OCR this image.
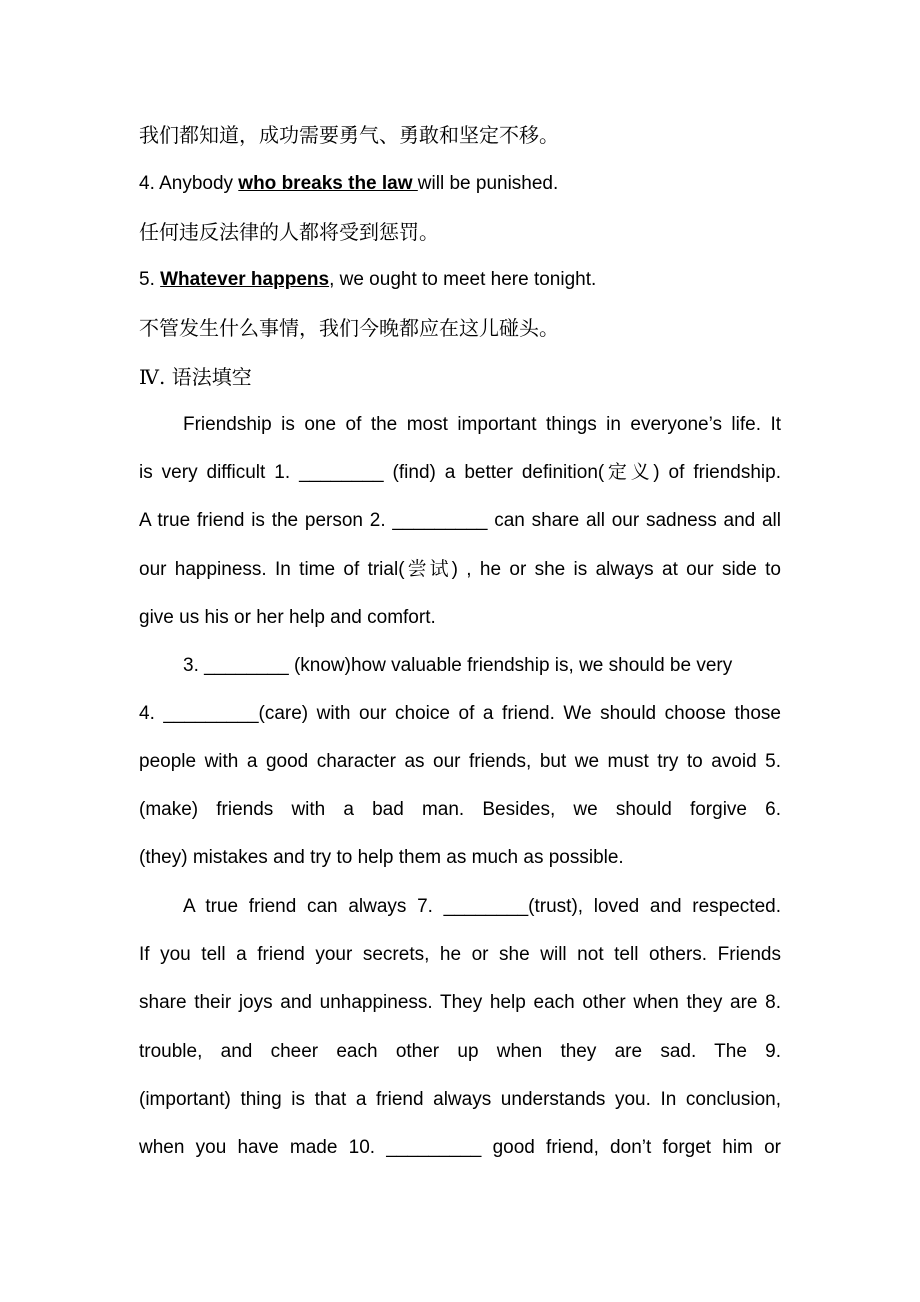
我们都知道，成功需要勇气、勇敢和坚定不移。
4. Anybody who breaks the law will be punished.
任何违反法律的人都将受到惩罚。
5. Whatever happens, we ought to meet here tonight.
不管发生什么事情，我们今晚都应在这儿碰头。
Ⅳ. 语法填空
Friendship is one of the most important things in everyone’s life. It
is very difficult 1. ________ (find) a better definition(定义) of friendship.
A true friend is the person 2. _________ can share all our sadness and all
our happiness. In time of trial(尝试) , he or she is always at our side to
give us his or her help and comfort.
3. ________ (know)how valuable friendship is, we should be very
4. _________(care) with our choice of a friend. We should choose those
people with a good character as our friends, but we must try to avoid 5.
(make) friends with a bad man. Besides, we should forgive 6.
(they) mistakes and try to help them as much as possible.
A true friend can always 7. ________(trust), loved and respected.
If you tell a friend your secrets, he or she will not tell others. Friends
share their joys and unhappiness. They help each other when they are 8.
trouble, and cheer each other up when they are sad. The 9.
(important) thing is that a friend always understands you. In conclusion,
when you have made 10. _________ good friend, don’t forget him or
